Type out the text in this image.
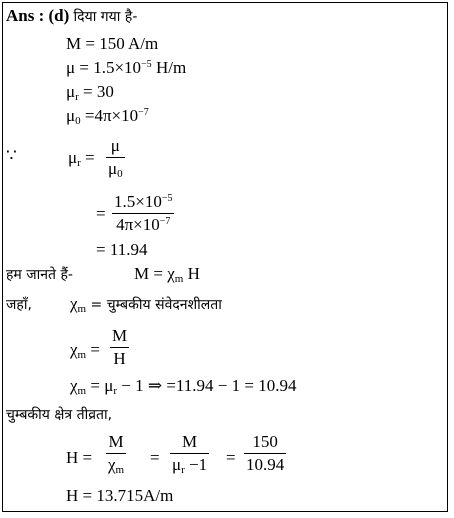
Ans : (d) दिया गया है-
M = 150 A/m
$\mu = 1.5\times 10^{-5}$ H/m
$\mu_r = 30$
$\mu_0 =4\pi\times 10^{-7}$
∵	$\mu_r$ =
μ
$\mu_0$
=
$1.5\times 10^{-5}$
$4\pi\times 10^{-7}$
= 11.94
हम जानते हैं-	$M = \chi_m$ H
जहाँ, $\chi_m$ = चुम्बकीय संवेदनशीलता
$\chi_m$ =
M
H
$\chi_m = \mu_r - 1$ ⇒ =11.94 − 1 = 10.94
चुम्बकीय क्षेत्र तीव्रता,
H =
M
$\chi_m$
=
M
$\mu_r -1$ =
150
10.94
H = 13.715A/m
